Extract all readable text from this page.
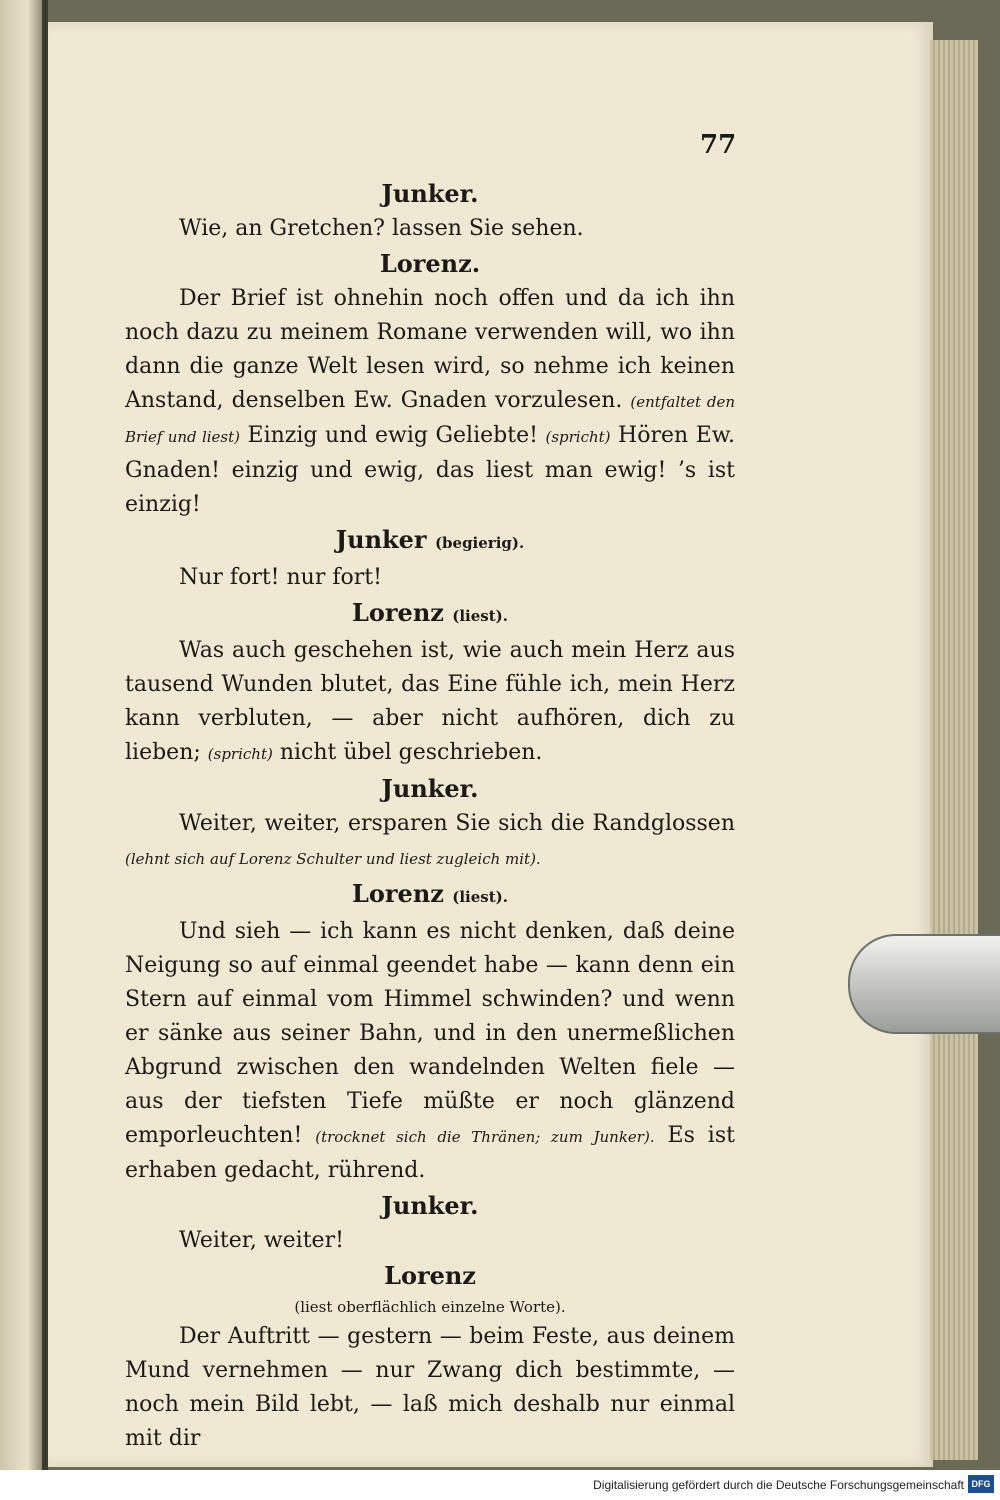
77

Junker.

Wie, an Gretchen? lassen Sie sehen.

Lorenz.

Der Brief ist ohnehin noch offen und da ich ihn noch dazu zu meinem Romane verwenden will, wo ihn dann die ganze Welt lesen wird, so nehme ich keinen Anstand, denselben Ew. Gnaden vorzulesen. (entfaltet den Brief und liest) Einzig und ewig Geliebte! (spricht) Hören Ew. Gnaden! einzig und ewig, das liest man ewig! ’s ist einzig!

Junker (begierig).

Nur fort! nur fort!

Lorenz (liest).

Was auch geschehen ist, wie auch mein Herz aus tausend Wunden blutet, das Eine fühle ich, mein Herz kann verbluten, — aber nicht aufhören, dich zu lieben; (spricht) nicht übel geschrieben.

Junker.

Weiter, weiter, ersparen Sie sich die Randglossen (lehnt sich auf Lorenz Schulter und liest zugleich mit).

Lorenz (liest).

Und sieh — ich kann es nicht denken, daß deine Neigung so auf einmal geendet habe — kann denn ein Stern auf einmal vom Himmel schwinden? und wenn er sänke aus seiner Bahn, und in den unermeßlichen Abgrund zwischen den wandelnden Welten fiele — aus der tiefsten Tiefe müßte er noch glänzend emporleuchten! (trocknet sich die Thränen; zum Junker). Es ist erhaben gedacht, rührend.

Junker.

Weiter, weiter!

Lorenz

(liest oberflächlich einzelne Worte).

Der Auftritt — gestern — beim Feste, aus deinem Mund vernehmen — nur Zwang dich bestimmte, — noch mein Bild lebt, — laß mich deshalb nur einmal mit dir

Digitalisierung gefördert durch die Deutsche Forschungsgemeinschaft DFG
